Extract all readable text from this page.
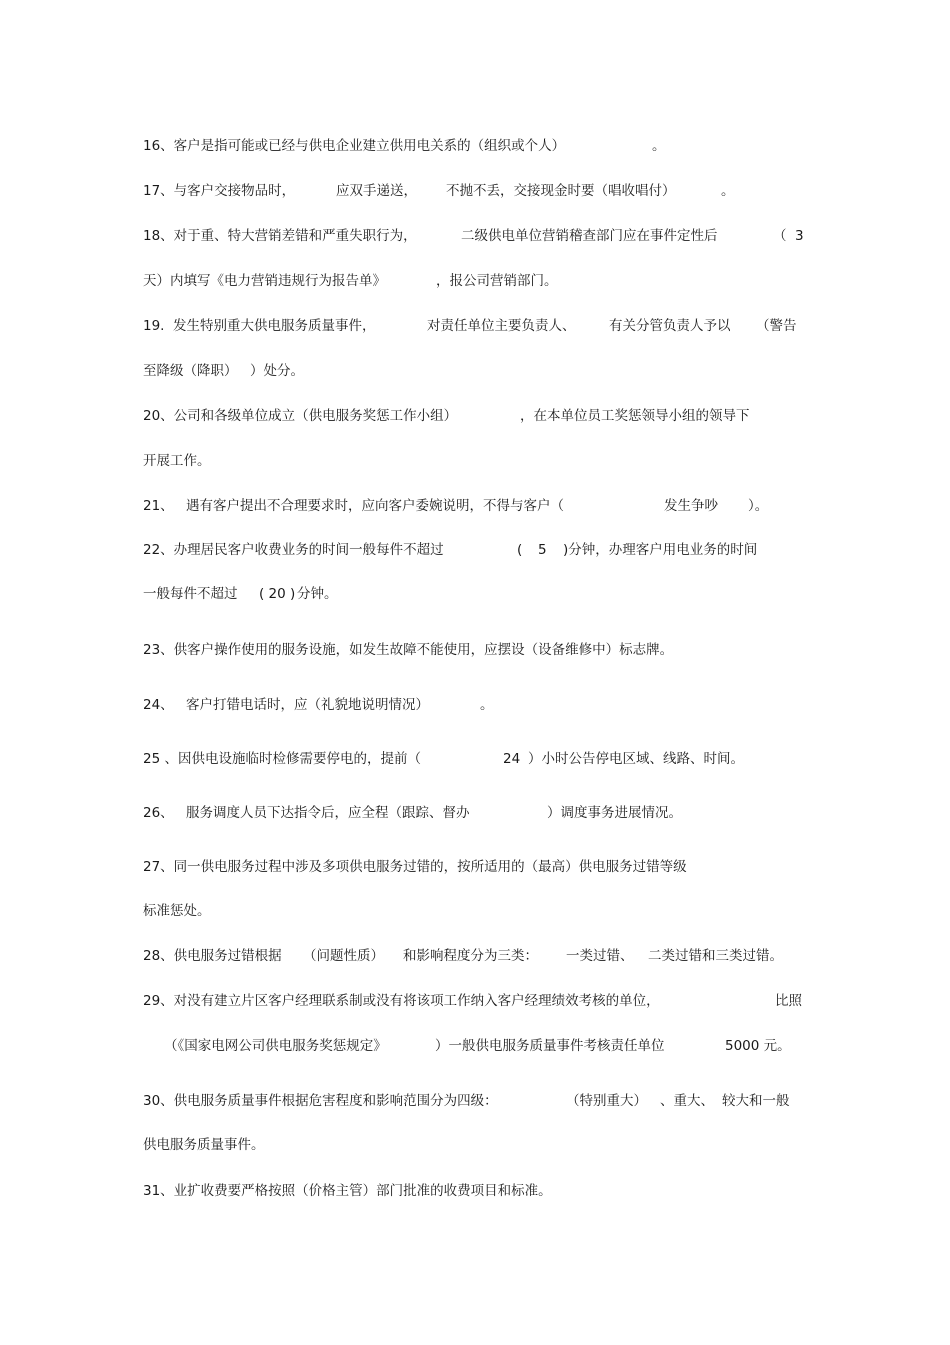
16、客户是指可能或已经与供电企业建立供用电关系的（组织或个人）

	。

17、与客户交接物品时，

	应双手递送，

不抛不丢，交接现金时要（唱收唱付）

	。

18、对于重、特大营销差错和严重失职行为，

	二级供电单位营销稽查部门应在事件定性后

	（

3

天）内填写《电力营销违规行为报告单》

	，报公司营销部门。

19.  发生特别重大供电服务质量事件，

	对责任单位主要负责人、

有关分管负责人予以

（警告

至降级（降职）

）处分。

20、公司和各级单位成立（供电服务奖惩工作小组）

	，在本单位员工奖惩领导小组的领导下

开展工作。

21、

遇有客户提出不合理要求时，应向客户委婉说明，不得与客户（

	发生争吵

）。

22、办理居民客户收费业务的时间一般每件不超过

	(

5

)分钟，办理客户用电业务的时间

一般每件不超过

( 20 )

分钟。

23、供客户操作使用的服务设施，如发生故障不能使用，应摆设（设备维修中）标志牌。

24、

客户打错电话时，应（礼貌地说明情况）

	。

25 、因供电设施临时检修需要停电的，提前（

	24

）小时公告停电区域、线路、时间。

26、

服务调度人员下达指令后，应全程（跟踪、督办

	）调度事务进展情况。

27、同一供电服务过程中涉及多项供电服务过错的，按所适用的（最高）供电服务过错等级

标准惩处。

28、供电服务过错根据

（问题性质）

和影响程度分为三类：

一类过错、

二类过错和三类过错。

29、对没有建立片区客户经理联系制或没有将该项工作纳入客户经理绩效考核的单位，

	比照

（《国家电网公司供电服务奖惩规定》

	）一般供电服务质量事件考核责任单位

	5000 元。

30、供电服务质量事件根据危害程度和影响范围分为四级：

	（特别重大）

、重大、

较大和一般

供电服务质量事件。

31、业扩收费要严格按照（价格主管）部门批准的收费项目和标准。
